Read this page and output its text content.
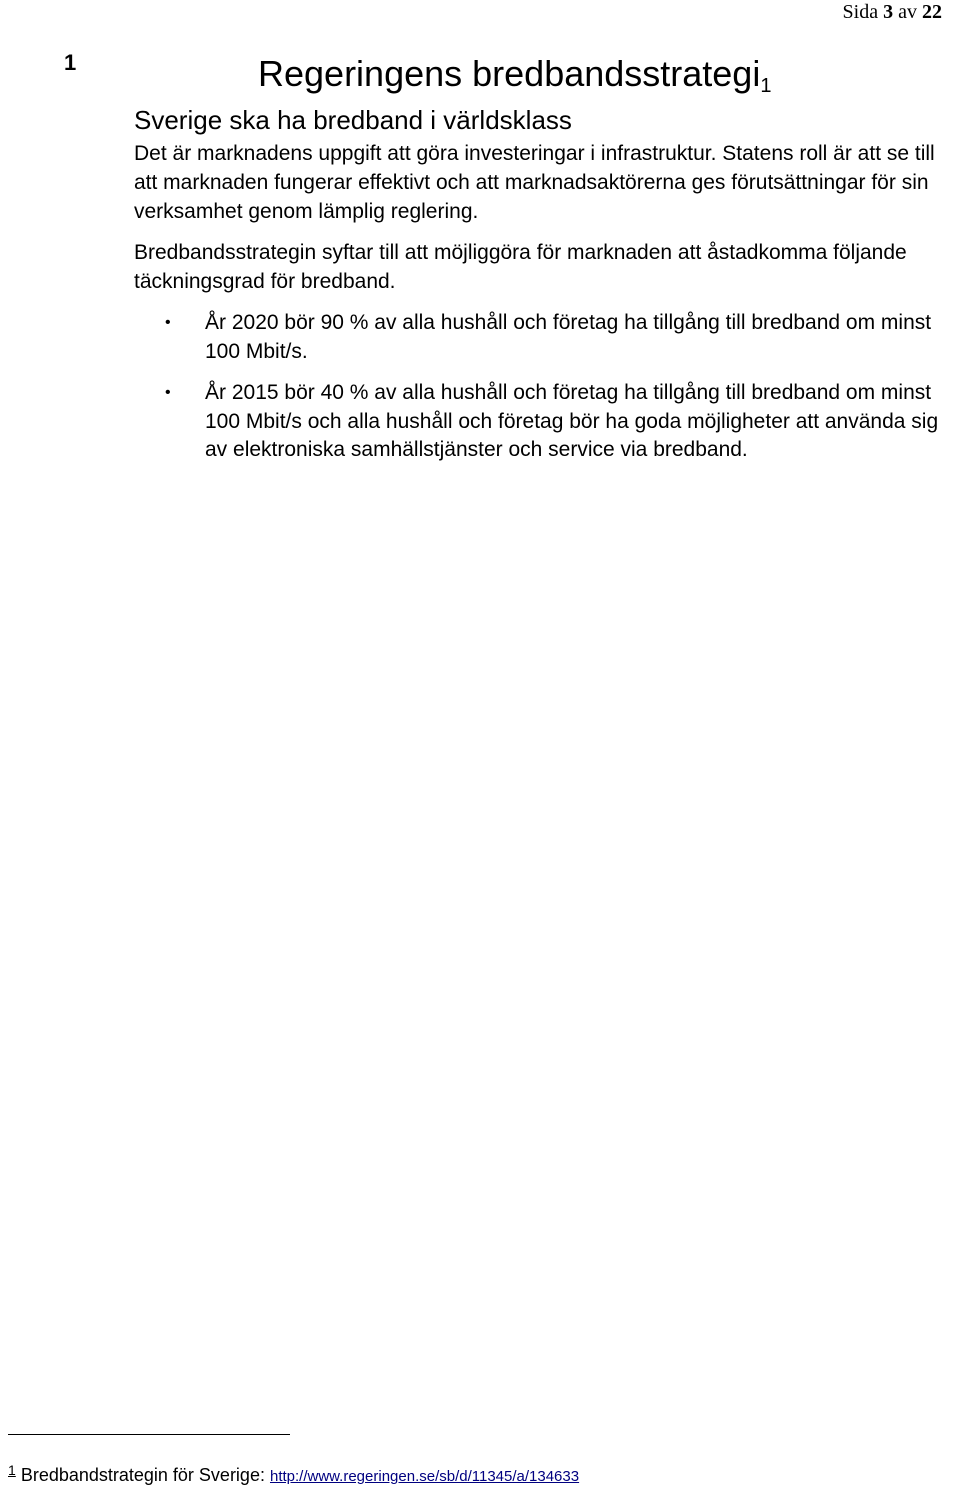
Sida 3 av 22
1	Regeringens bredbandsstrategi$_1$
Sverige ska ha bredband i världsklass

Det är marknadens uppgift att göra investeringar i infrastruktur. Statens roll är att se till att marknaden fungerar effektivt och att marknadsaktörerna ges förutsättningar för sin verksamhet genom lämplig reglering.

Bredbandsstrategin syftar till att möjliggöra för marknaden att åstadkomma följande täckningsgrad för bredband.

• År 2020 bör 90 % av alla hushåll och företag ha tillgång till bredband om minst 100 Mbit/s.
• År 2015 bör 40 % av alla hushåll och företag ha tillgång till bredband om minst 100 Mbit/s och alla hushåll och företag bör ha goda möjligheter att använda sig av elektroniska samhällstjänster och service via bredband.
$^1$ Bredbandstrategin för Sverige: http://www.regeringen.se/sb/d/11345/a/134633
